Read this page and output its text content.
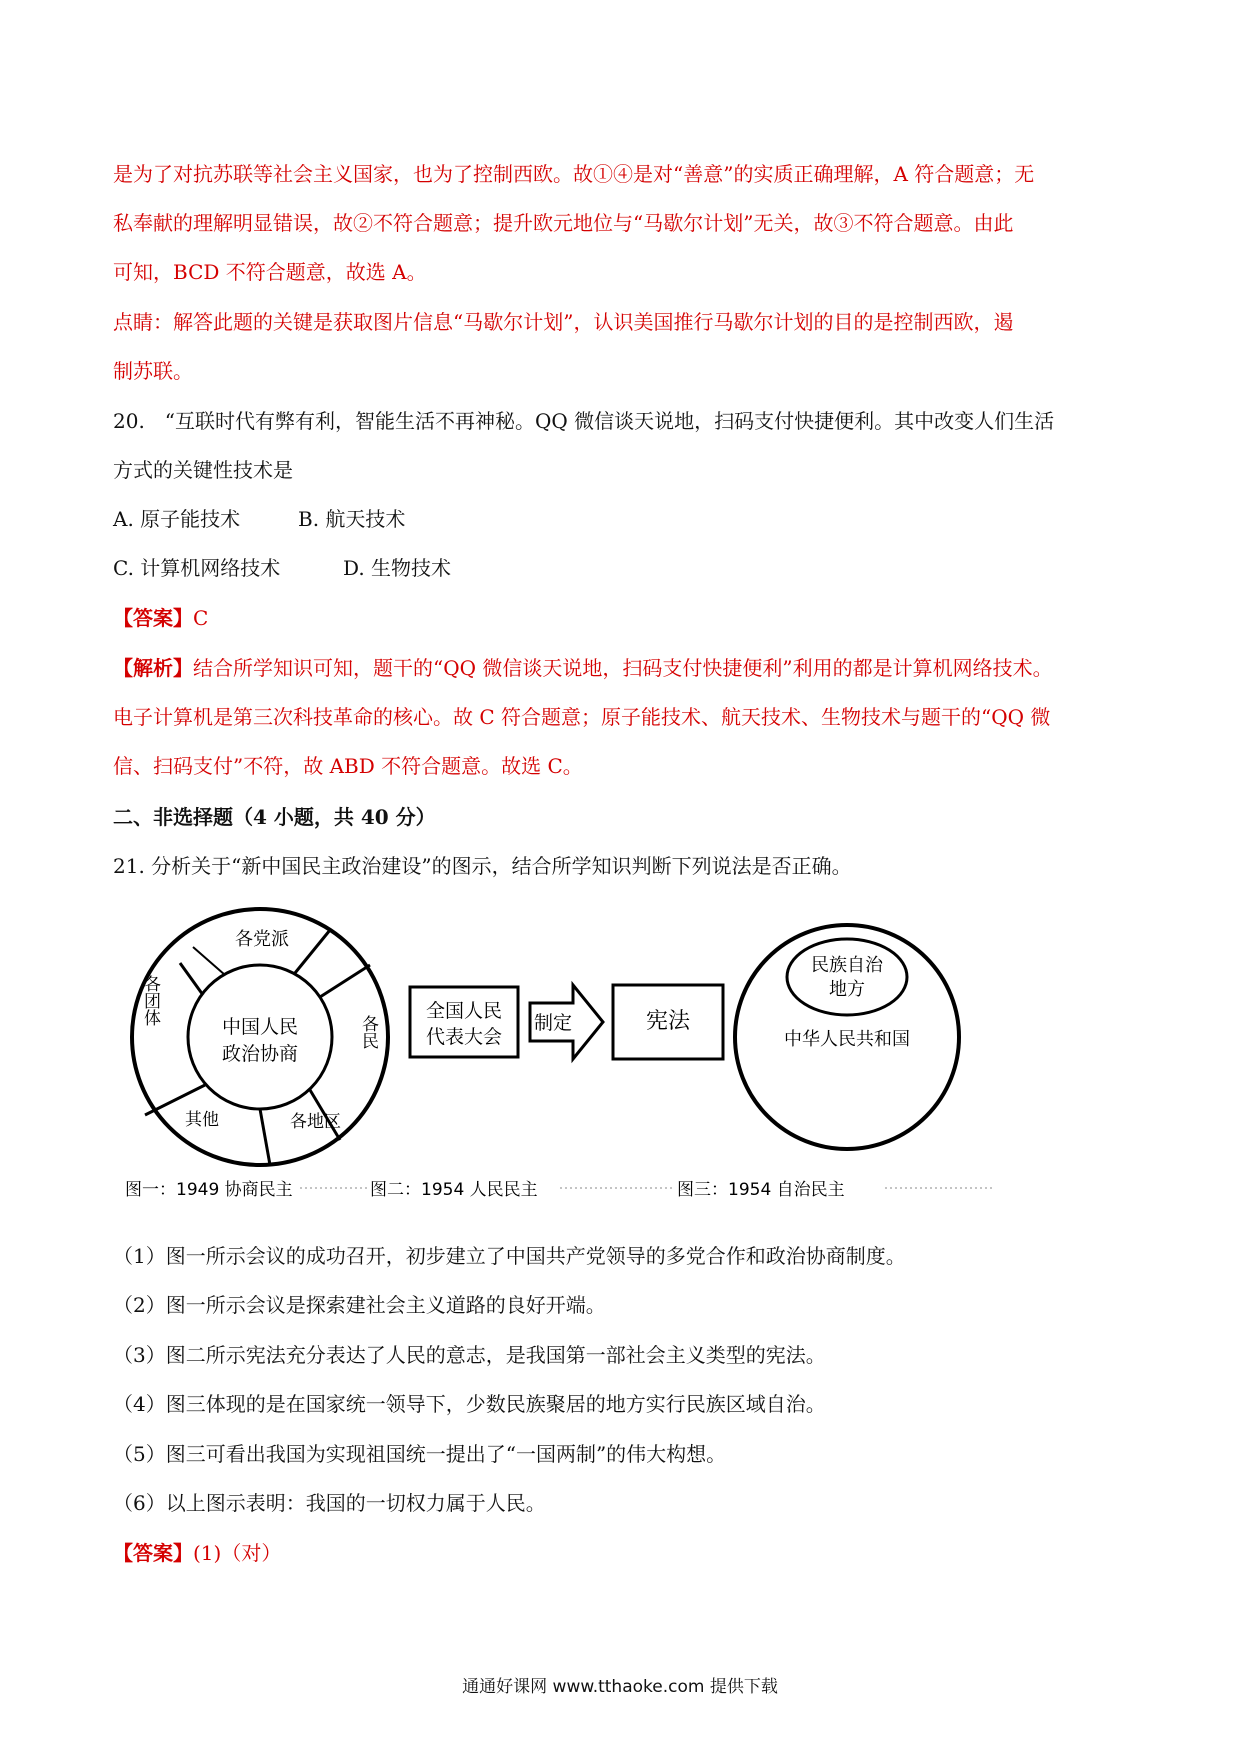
是为了对抗苏联等社会主义国家，也为了控制西欧。故①④是对“善意”的实质正确理解，A 符合题意；无
私奉献的理解明显错误，故②不符合题意；提升欧元地位与“马歇尔计划”无关，故③不符合题意。由此
可知，BCD 不符合题意，故选 A。
点睛：解答此题的关键是获取图片信息“马歇尔计划”，认识美国推行马歇尔计划的目的是控制西欧，遏
制苏联。
20.　“互联时代有弊有利，智能生活不再神秘。QQ 微信谈天说地，扫码支付快捷便利。其中改变人们生活
方式的关键性技术是
A. 原子能技术	B. 航天技术
C. 计算机网络技术	D. 生物技术
【答案】C
【解析】结合所学知识可知，题干的“QQ 微信谈天说地，扫码支付快捷便利”利用的都是计算机网络技术。
电子计算机是第三次科技革命的核心。故 C 符合题意；原子能技术、航天技术、生物技术与题干的“QQ 微
信、扫码支付”不符，故 ABD 不符合题意。故选 C。
二、非选择题（4 小题，共 40 分）
21. 分析关于“新中国民主政治建设”的图示，结合所学知识判断下列说法是否正确。
中国人民
政治协商
各党派
各民
各团体
其他	各地区
全国人民
代表大会
制定	宪法
民族自治
地方
中华人民共和国
图一：1949 协商民主	图二：1954 人民民主	图三：1954 自治民主
（1）图一所示会议的成功召开，初步建立了中国共产党领导的多党合作和政治协商制度。
（2）图一所示会议是探索建社会主义道路的良好开端。
（3）图二所示宪法充分表达了人民的意志，是我国第一部社会主义类型的宪法。
（4）图三体现的是在国家统一领导下，少数民族聚居的地方实行民族区域自治。
（5）图三可看出我国为实现祖国统一提出了“一国两制”的伟大构想。
（6）以上图示表明：我国的一切权力属于人民。
【答案】(1)（对）
通通好课网 www.tthaoke.com 提供下载
